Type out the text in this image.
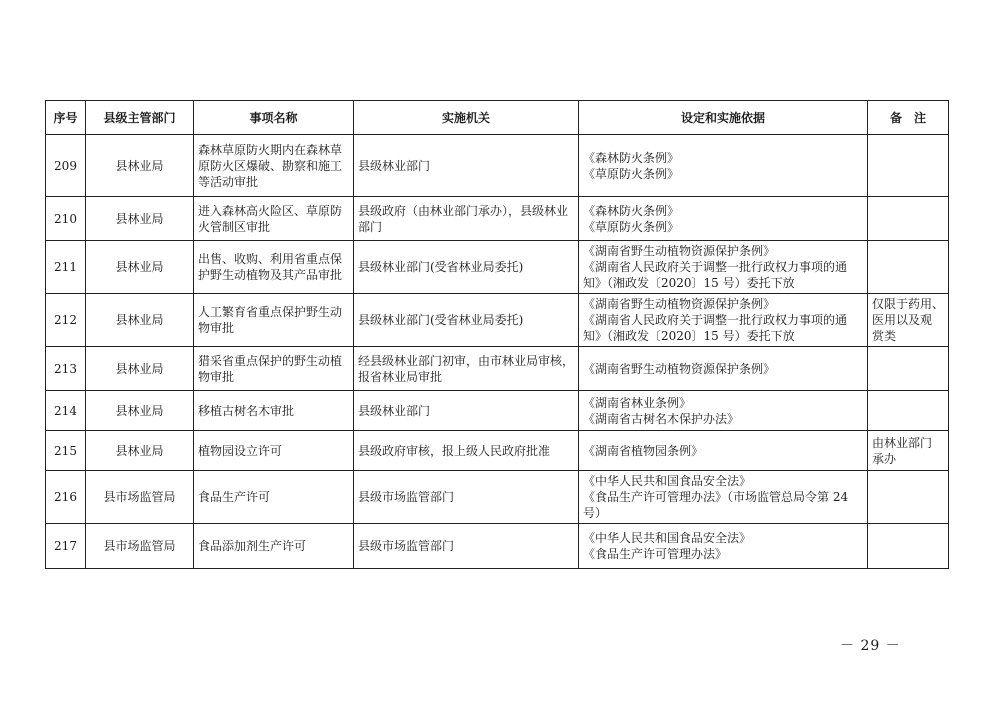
序号	县级主管部门	事项名称	实施机关	设定和实施依据	备　注
209	县林业局	森林草原防火期内在森林草
原防火区爆破、勘察和施工
等活动审批	县级林业部门	《森林防火条例》
《草原防火条例》	

210	县林业局	进入森林高火险区、草原防
火管制区审批	县级政府（由林业部门承办），县级林业
部门	《森林防火条例》
《草原防火条例》	

211	县林业局	出售、收购、利用省重点保
护野生动植物及其产品审批	县级林业部门(受省林业局委托)	《湖南省野生动植物资源保护条例》
《湖南省人民政府关于调整一批行政权力事项的通
知》（湘政发〔2020〕15 号）委托下放	

212	县林业局	人工繁育省重点保护野生动
物审批	县级林业部门(受省林业局委托)	《湖南省野生动植物资源保护条例》
《湖南省人民政府关于调整一批行政权力事项的通
知》（湘政发〔2020〕15 号）委托下放	仅限于药用、
医用以及观
赏类

213	县林业局	猎采省重点保护的野生动植
物审批	经县级林业部门初审，由市林业局审核，
报省林业局审批	《湖南省野生动植物资源保护条例》	

214	县林业局	移植古树名木审批	县级林业部门	《湖南省林业条例》
《湖南省古树名木保护办法》	

215	县林业局	植物园设立许可	县级政府审核，报上级人民政府批准	《湖南省植物园条例》	由林业部门
承办

216	县市场监管局	食品生产许可	县级市场监管部门	《中华人民共和国食品安全法》
《食品生产许可管理办法》（市场监管总局令第 24
号）	

217	县市场监管局	食品添加剂生产许可	县级市场监管部门	《中华人民共和国食品安全法》
《食品生产许可管理办法》	

－ 29 －
